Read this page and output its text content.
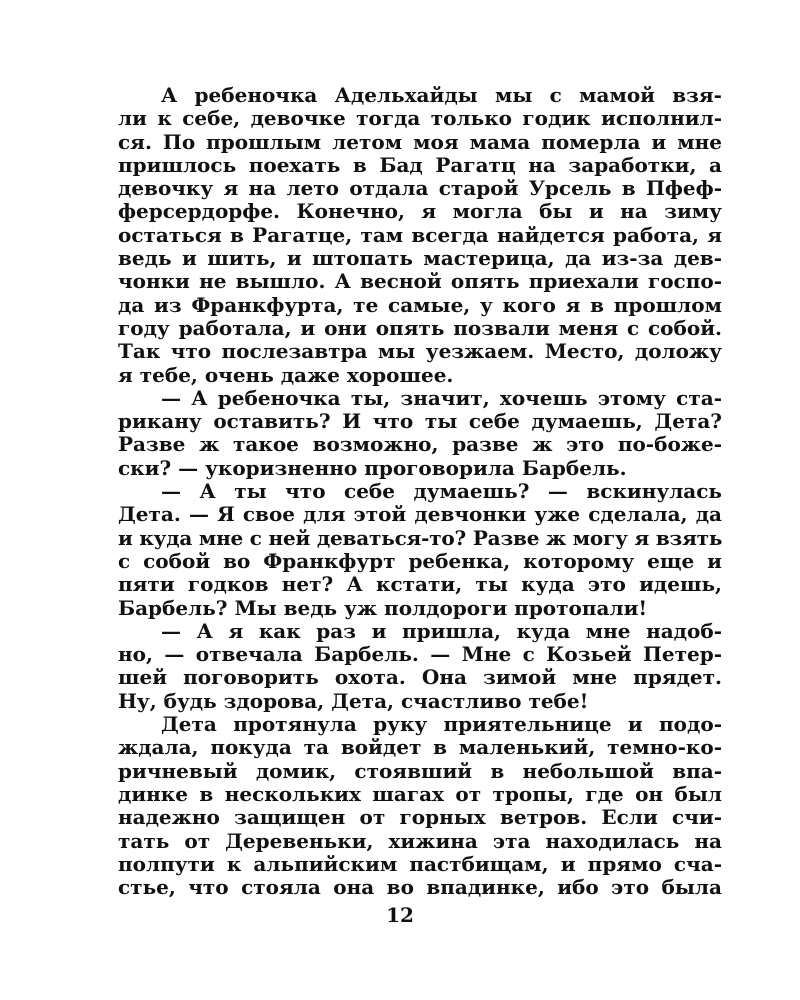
А ребеночка Адельхайды мы с мамой взя-
ли к себе, девочке тогда только годик исполнил-
ся. По прошлым летом моя мама померла и мне
пришлось поехать в Бад Рагатц на заработки, а
девочку я на лето отдала старой Урсель в Пфеф-
ферсердорфе. Конечно, я могла бы и на зиму
остаться в Рагатце, там всегда найдется работа, я
ведь и шить, и штопать мастерица, да из-за дев-
чонки не вышло. А весной опять приехали госпо-
да из Франкфурта, те самые, у кого я в прошлом
году работала, и они опять позвали меня с собой.
Так что послезавтра мы уезжаем. Место, доложу
я тебе, очень даже хорошее.
— А ребеночка ты, значит, хочешь этому ста-
рикану оставить? И что ты себе думаешь, Дета?
Разве ж такое возможно, разве ж это по-божe-
ски? — укоризненно проговорила Барбель.
— А ты что себе думаешь? — вскинулась
Дета. — Я свое для этой девчонки уже сделала, да
и куда мне с ней деваться-то? Разве ж могу я взять
с собой во Франкфурт ребенка, которому еще и
пяти годков нет? А кстати, ты куда это идешь,
Барбель? Мы ведь уж полдороги протопали!
— А я как раз и пришла, куда мне надоб-
но, — отвечала Барбель. — Мне с Козьей Петер-
шей поговорить охота. Она зимой мне прядет.
Ну, будь здорова, Дета, счастливо тебе!
Дета протянула руку приятельнице и подо-
ждала, покуда та войдет в маленький, темно-ко-
ричневый домик, стоявший в небольшой впа-
динке в нескольких шагах от тропы, где он был
надежно защищен от горных ветров. Если счи-
тать от Деревеньки, хижина эта находилась на
полпути к альпийским пастбищам, и прямо сча-
стье, что стояла она во впадинке, ибо это была
12
